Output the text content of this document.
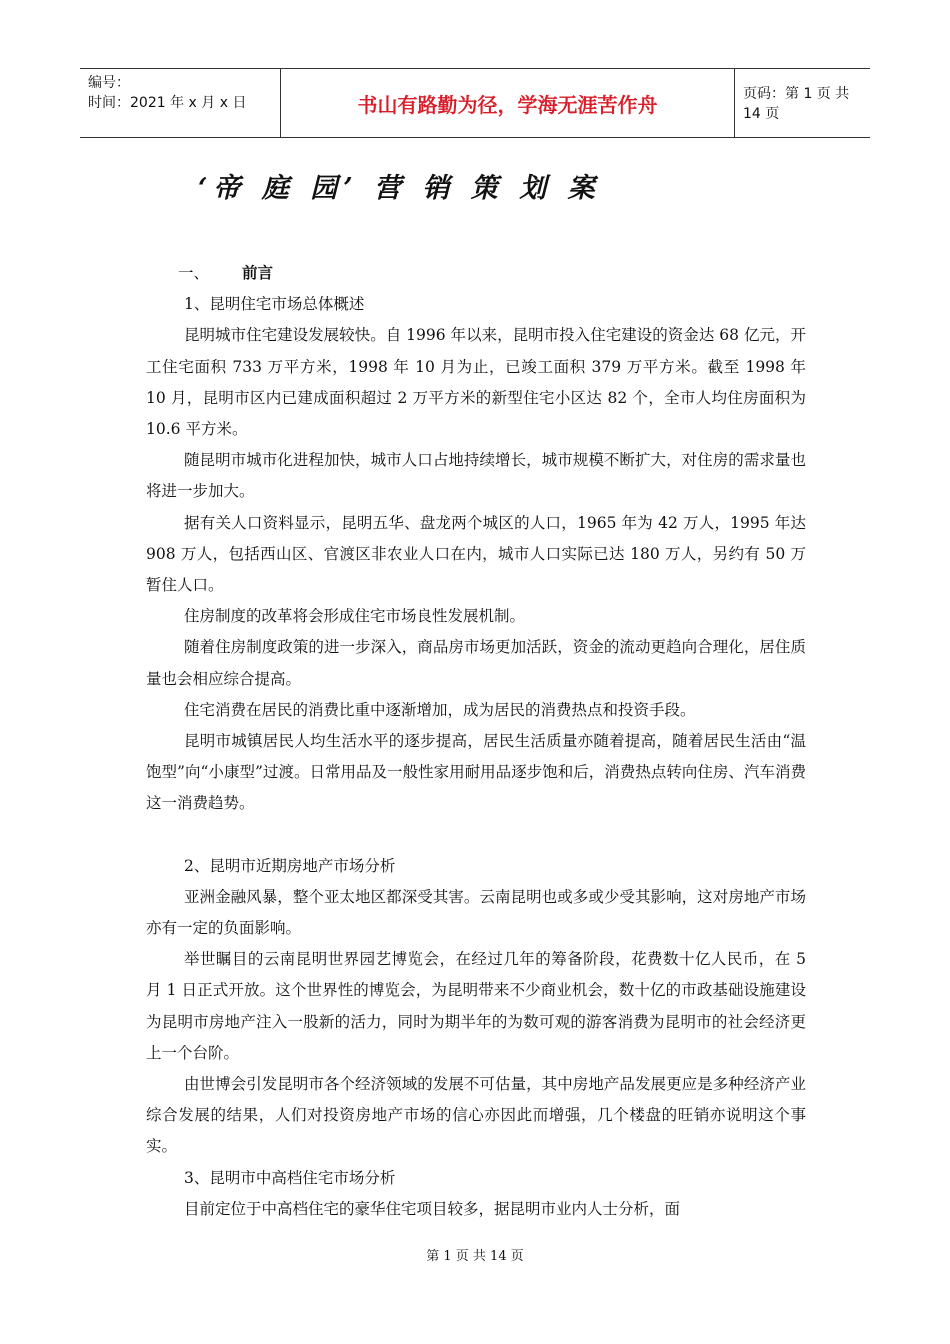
编号：
时间：2021 年 x 月 x 日	书山有路勤为径，学海无涯苦作舟	页码：第 1 页 共 14 页
‘帝 庭 园’ 营 销 策 划 案

一、 前言

1、昆明住宅市场总体概述

昆明城市住宅建设发展较快。自 1996 年以来，昆明市投入住宅建设的资金达 68 亿元，开工住宅面积 733 万平方米，1998 年 10 月为止，已竣工面积 379 万平方米。截至 1998 年 10 月，昆明市区内已建成面积超过 2 万平方米的新型住宅小区达 82 个，全市人均住房面积为 10.6 平方米。

随昆明市城市化进程加快，城市人口占地持续增长，城市规模不断扩大，对住房的需求量也将进一步加大。

据有关人口资料显示，昆明五华、盘龙两个城区的人口，1965 年为 42 万人，1995 年达 908 万人，包括西山区、官渡区非农业人口在内，城市人口实际已达 180 万人，另约有 50 万暂住人口。

住房制度的改革将会形成住宅市场良性发展机制。

随着住房制度政策的进一步深入，商品房市场更加活跃，资金的流动更趋向合理化，居住质量也会相应综合提高。

住宅消费在居民的消费比重中逐渐增加，成为居民的消费热点和投资手段。

昆明市城镇居民人均生活水平的逐步提高，居民生活质量亦随着提高，随着居民生活由“温饱型”向“小康型”过渡。日常用品及一般性家用耐用品逐步饱和后，消费热点转向住房、汽车消费这一消费趋势。

2、昆明市近期房地产市场分析

亚洲金融风暴，整个亚太地区都深受其害。云南昆明也或多或少受其影响，这对房地产市场亦有一定的负面影响。

举世瞩目的云南昆明世界园艺博览会，在经过几年的筹备阶段，花费数十亿人民币，在 5 月 1 日正式开放。这个世界性的博览会，为昆明带来不少商业机会，数十亿的市政基础设施建设为昆明市房地产注入一股新的活力，同时为期半年的为数可观的游客消费为昆明市的社会经济更上一个台阶。

由世博会引发昆明市各个经济领域的发展不可估量，其中房地产品发展更应是多种经济产业综合发展的结果，人们对投资房地产市场的信心亦因此而增强，几个楼盘的旺销亦说明这个事实。

3、昆明市中高档住宅市场分析

目前定位于中高档住宅的豪华住宅项目较多，据昆明市业内人士分析，面

第 1 页 共 14 页
